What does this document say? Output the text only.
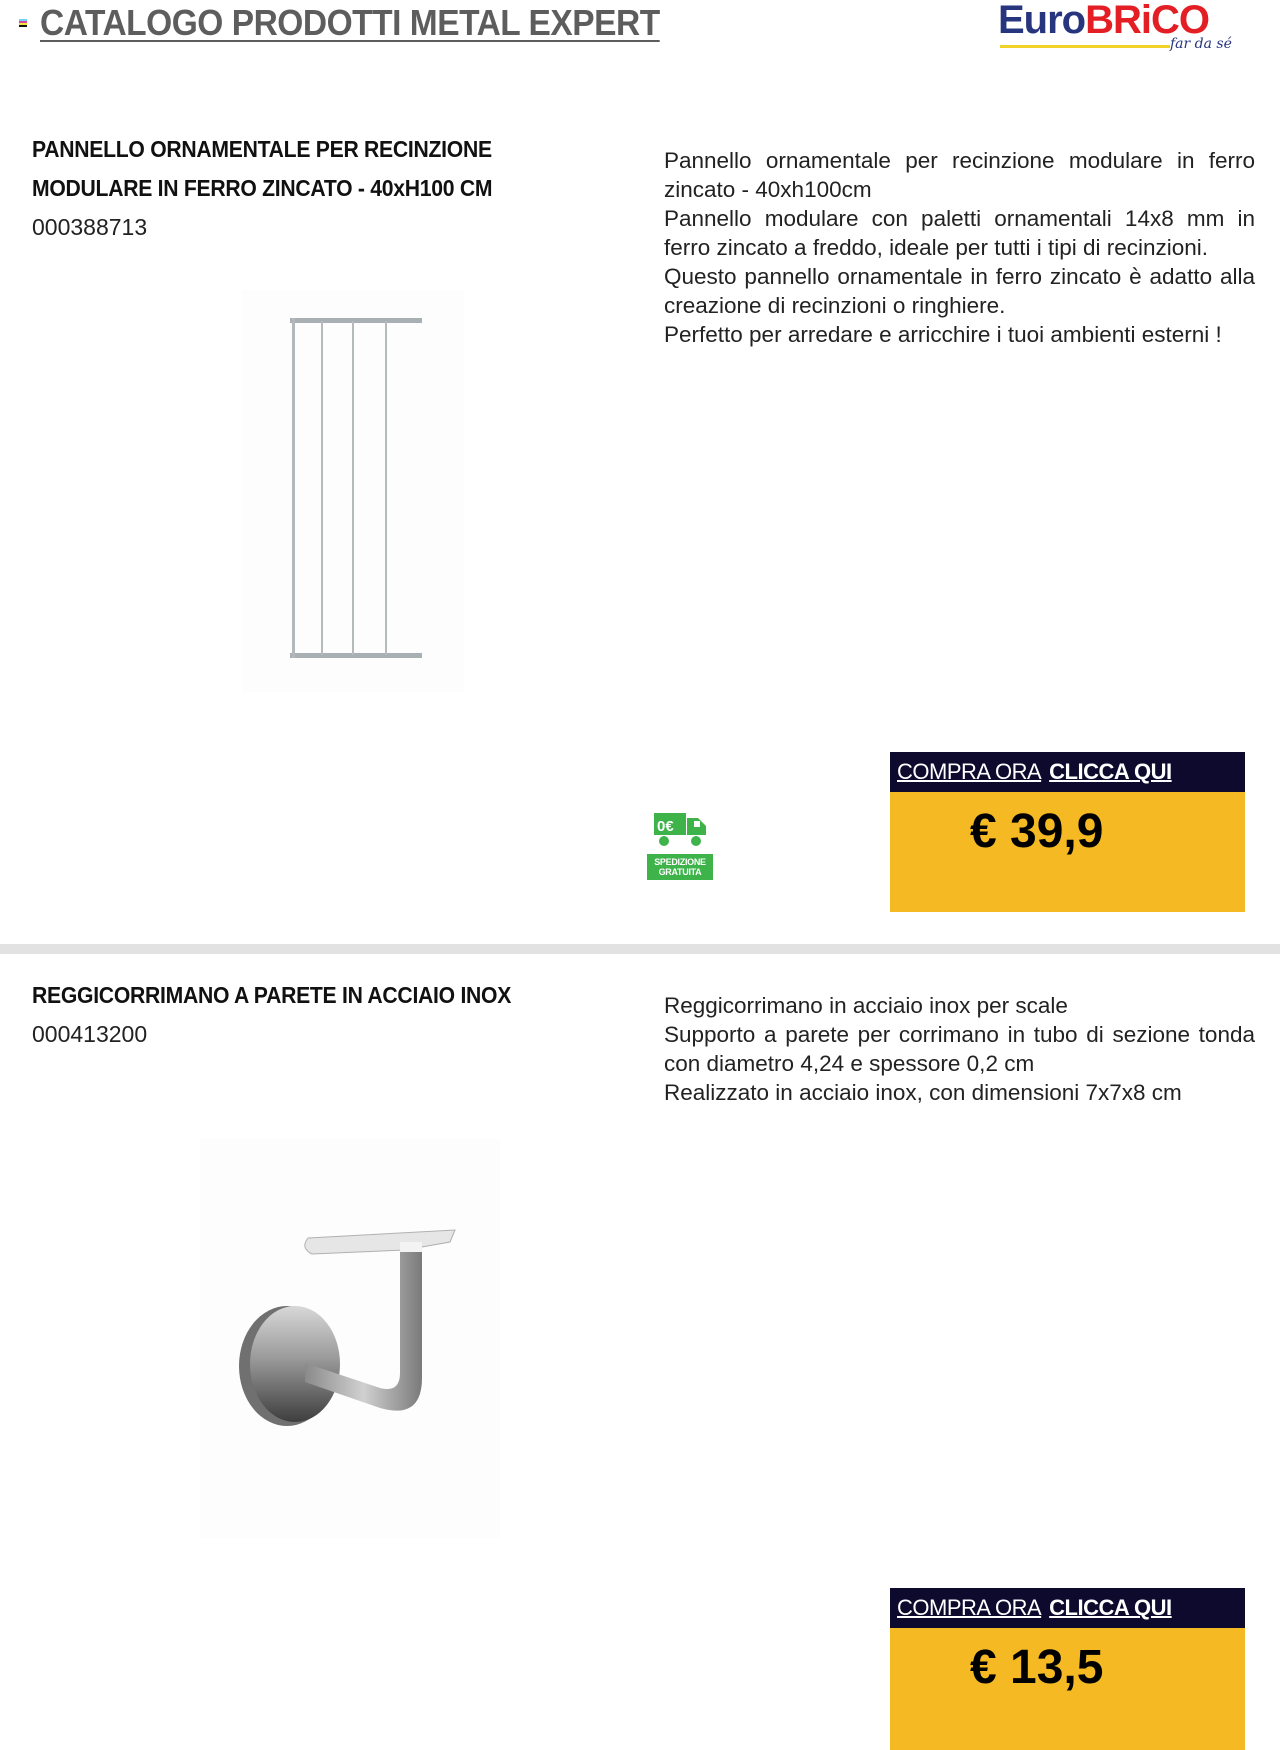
CATALOGO PRODOTTI METAL EXPERT	EuroBRiCO
far da sé
PANNELLO ORNAMENTALE PER RECINZIONE
MODULARE IN FERRO ZINCATO - 40xH100 CM
000388713
Pannello ornamentale per recinzione modulare in ferro zincato - 40xh100cm
Pannello modulare con paletti ornamentali 14x8 mm in ferro zincato a freddo, ideale per tutti i tipi di recinzioni.
Questo pannello ornamentale in ferro zincato è adatto alla creazione di recinzioni o ringhiere.
Perfetto per arredare e arricchire i tuoi ambienti esterni !
0€
SPEDIZIONE
GRATUITA
COMPRA ORA CLICCA QUI
€ 39,9
REGGICORRIMANO A PARETE IN ACCIAIO INOX
000413200
Reggicorrimano in acciaio inox per scale
Supporto a parete per corrimano in tubo di sezione tonda con diametro 4,24 e spessore 0,2 cm
Realizzato in acciaio inox, con dimensioni 7x7x8 cm
COMPRA ORA CLICCA QUI
€ 13,5
